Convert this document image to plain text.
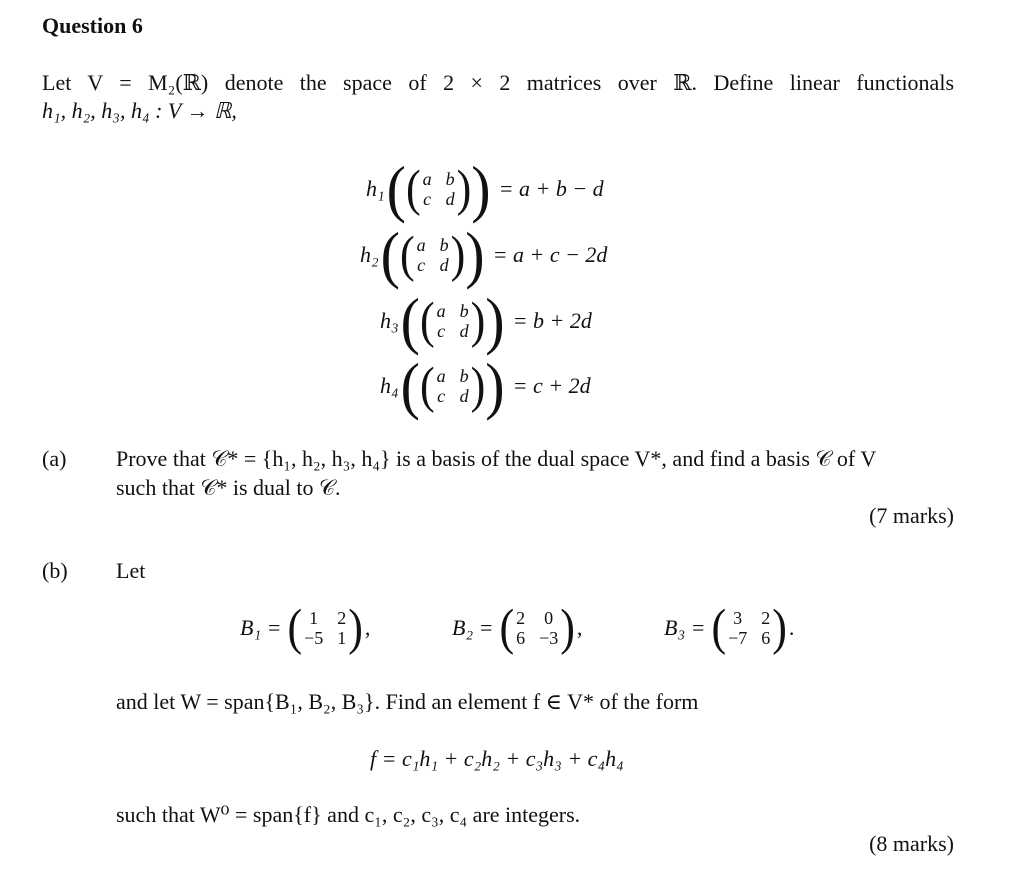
Question 6
Let V = M₂(ℝ) denote the space of 2 × 2 matrices over ℝ. Define linear functionals
h₁, h₂, h₃, h₄ : V → ℝ,
h₁ ( ( a b
c d ) ) = a + b − d
h₂ ( ( a b
c d ) ) = a + c − 2d
h₃ ( ( a b
c d ) ) = b + 2d
h₄ ( ( a b
c d ) ) = c + 2d
(a) Prove that 𝒞* = {h₁, h₂, h₃, h₄} is a basis of the dual space V*, and find a basis 𝒞 of V
such that 𝒞* is dual to 𝒞.
(7 marks)
(b) Let
B₁ = ( 1 2
−5 1 ) ,	B₂ = ( 2 0
6 −3 ) ,	B₃ = ( 3 2
−7 6 ) .
and let W = span{B₁, B₂, B₃}. Find an element f ∈ V* of the form
f = c₁h₁ + c₂h₂ + c₃h₃ + c₄h₄
such that W⁰ = span{f} and c₁, c₂, c₃, c₄ are integers.
(8 marks)
